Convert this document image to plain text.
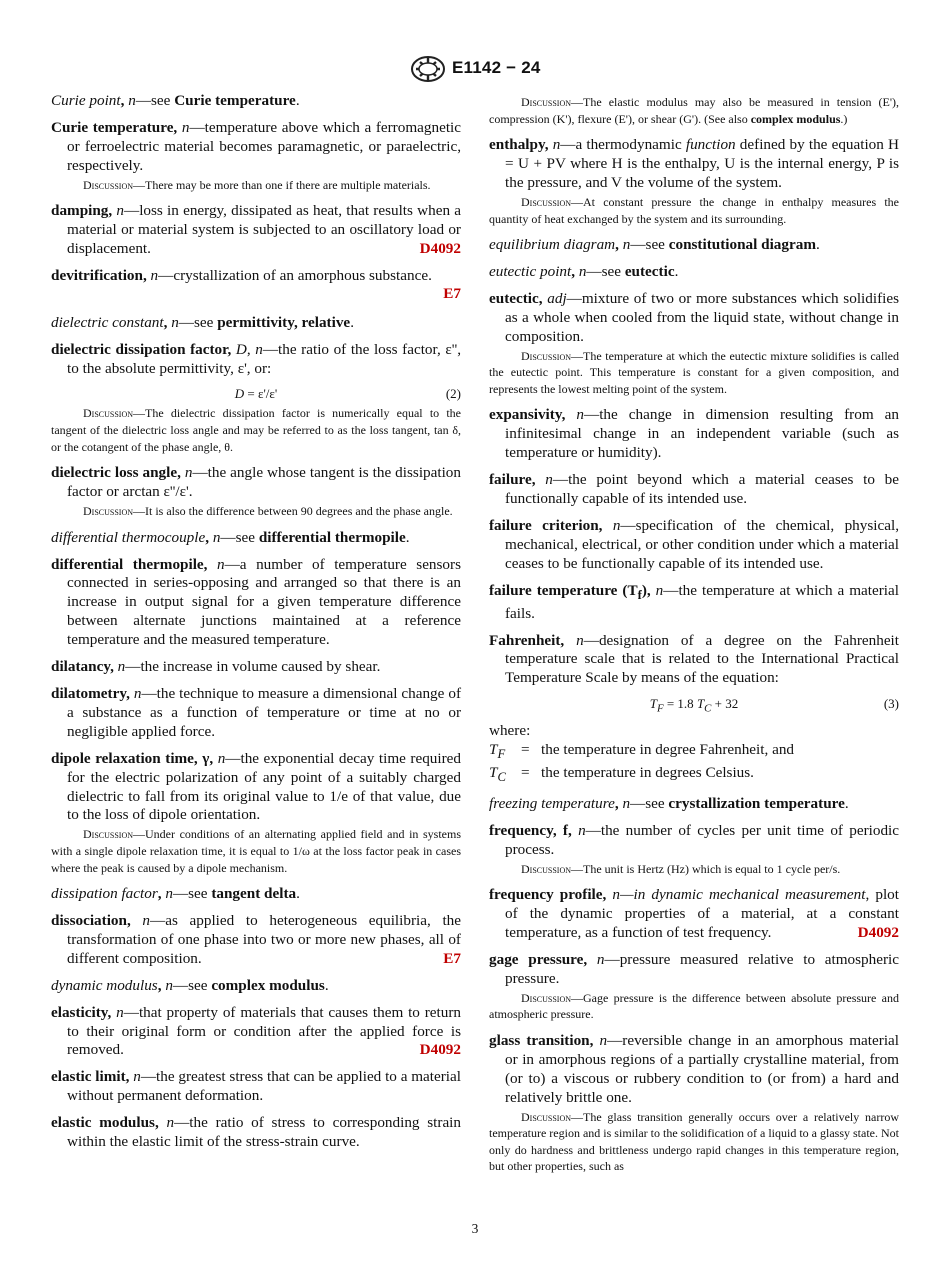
E1142 − 24

Curie point, n—see Curie temperature.

Curie temperature, n—temperature above which a ferromagnetic or ferroelectric material becomes paramagnetic, or paraelectric, respectively.

Discussion—There may be more than one if there are multiple materials.

damping, n—loss in energy, dissipated as heat, that results when a material or material system is subjected to an oscillatory load or displacement.	D4092

devitrification, n—crystallization of an amorphous substance.

E7

dielectric constant, n—see permittivity, relative.

dielectric dissipation factor, D, n—the ratio of the loss factor, ε'', to the absolute permittivity, ε', or:

D = ε'/ε'	(2)

Discussion—The dielectric dissipation factor is numerically equal to the tangent of the dielectric loss angle and may be referred to as the loss tangent, tan δ, or the cotangent of the phase angle, θ.

dielectric loss angle, n—the angle whose tangent is the dissipation factor or arctan ε''/ε'.

Discussion—It is also the difference between 90 degrees and the phase angle.

differential thermocouple, n—see differential thermopile.

differential thermopile, n—a number of temperature sensors connected in series-opposing and arranged so that there is an increase in output signal for a given temperature difference between alternate junctions maintained at a reference temperature and the measured temperature.

dilatancy, n—the increase in volume caused by shear.

dilatometry, n—the technique to measure a dimensional change of a substance as a function of temperature or time at no or negligible applied force.

dipole relaxation time, γ, n—the exponential decay time required for the electric polarization of any point of a suitably charged dielectric to fall from its original value to 1/e of that value, due to the loss of dipole orientation.

Discussion—Under conditions of an alternating applied field and in systems with a single dipole relaxation time, it is equal to 1/ω at the loss factor peak in cases where the peak is caused by a dipole mechanism.

dissipation factor, n—see tangent delta.

dissociation, n—as applied to heterogeneous equilibria, the transformation of one phase into two or more new phases, all of different composition.	E7

dynamic modulus, n—see complex modulus.

elasticity, n—that property of materials that causes them to return to their original form or condition after the applied force is removed.	D4092

elastic limit, n—the greatest stress that can be applied to a material without permanent deformation.

elastic modulus, n—the ratio of stress to corresponding strain within the elastic limit of the stress-strain curve.

Discussion—The elastic modulus may also be measured in tension (E'), compression (K'), flexure (E'), or shear (G'). (See also complex modulus.)

enthalpy, n—a thermodynamic function defined by the equation H = U + PV where H is the enthalpy, U is the internal energy, P is the pressure, and V the volume of the system.

Discussion—At constant pressure the change in enthalpy measures the quantity of heat exchanged by the system and its surrounding.

equilibrium diagram, n—see constitutional diagram.

eutectic point, n—see eutectic.

eutectic, adj—mixture of two or more substances which solidifies as a whole when cooled from the liquid state, without change in composition.

Discussion—The temperature at which the eutectic mixture solidifies is called the eutectic point. This temperature is constant for a given composition, and represents the lowest melting point of the system.

expansivity, n—the change in dimension resulting from an infinitesimal change in an independent variable (such as temperature or humidity).

failure, n—the point beyond which a material ceases to be functionally capable of its intended use.

failure criterion, n—specification of the chemical, physical, mechanical, electrical, or other condition under which a material ceases to be functionally capable of its intended use.

failure temperature $(T_f)$, n—the temperature at which a material fails.

Fahrenheit, n—designation of a degree on the Fahrenheit temperature scale that is related to the International Practical Temperature Scale by means of the equation:

$T_F = 1.8$ $T_C + 32$	(3)

where:

$T_F$	= the temperature in degree Fahrenheit, and
$T_C$ = the temperature in degrees Celsius.

freezing temperature, n—see crystallization temperature.

frequency, f, n—the number of cycles per unit time of periodic process.

Discussion—The unit is Hertz (Hz) which is equal to 1 cycle per/s.

frequency profile, n—in dynamic mechanical measurement, plot of the dynamic properties of a material, at a constant temperature, as a function of test frequency.	D4092

gage pressure, n—pressure measured relative to atmospheric pressure.

Discussion—Gage pressure is the difference between absolute pressure and atmospheric pressure.

glass transition, n—reversible change in an amorphous material or in amorphous regions of a partially crystalline material, from (or to) a viscous or rubbery condition to (or from) a hard and relatively brittle one.

Discussion—The glass transition generally occurs over a relatively narrow temperature region and is similar to the solidification of a liquid to a glassy state. Not only do hardness and brittleness undergo rapid changes in this temperature region, but other properties, such as

3
